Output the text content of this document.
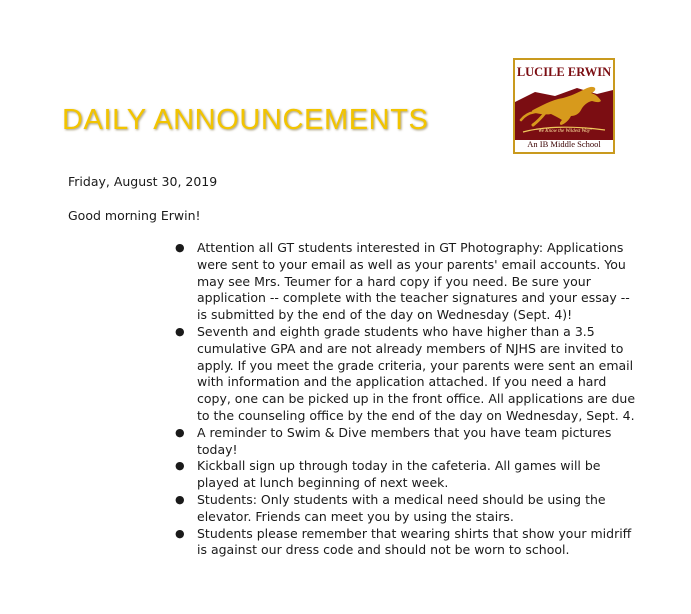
DAILY ANNOUNCEMENTS
LUCILE ERWIN
"We Know the Wildest Way"
An IB Middle School
Friday, August 30, 2019
Good morning Erwin!
● Attention all GT students interested in GT Photography: Applications were sent to your email as well as your parents' email accounts. You may see Mrs. Teumer for a hard copy if you need. Be sure your application -- complete with the teacher signatures and your essay -- is submitted by the end of the day on Wednesday (Sept. 4)!
● Seventh and eighth grade students who have higher than a 3.5 cumulative GPA and are not already members of NJHS are invited to apply. If you meet the grade criteria, your parents were sent an email with information and the application attached. If you need a hard copy, one can be picked up in the front office. All applications are due to the counseling office by the end of the day on Wednesday, Sept. 4.
● A reminder to Swim & Dive members that you have team pictures today!
● Kickball sign up through today in the cafeteria. All games will be played at lunch beginning of next week.
● Students: Only students with a medical need should be using the elevator. Friends can meet you by using the stairs.
● Students please remember that wearing shirts that show your midriff is against our dress code and should not be worn to school.
